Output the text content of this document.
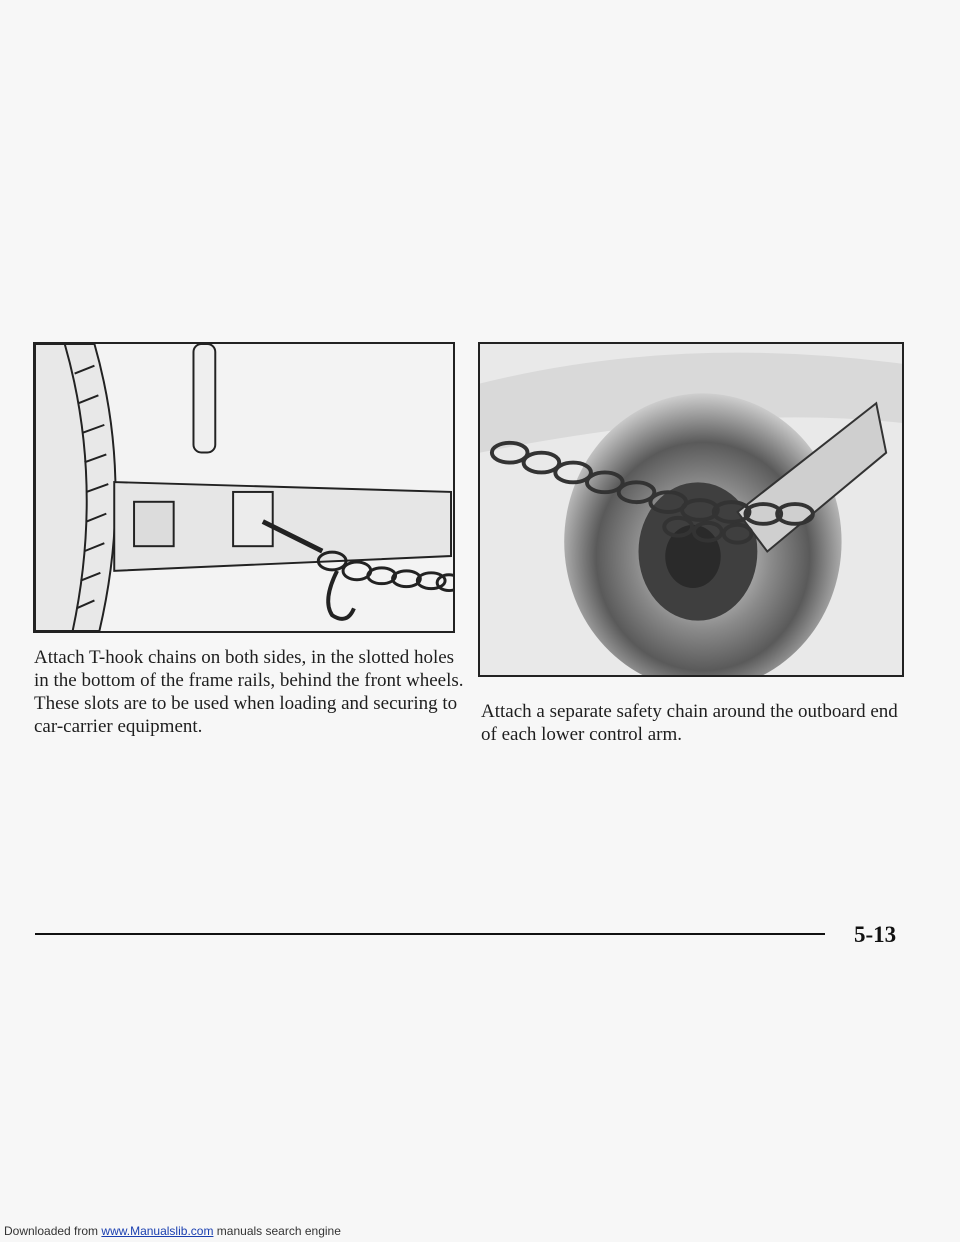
Attach T-hook chains on both sides, in the slotted holes in the bottom of the frame rails, behind the front wheels. These slots are to be used when loading and securing to car-carrier equipment.
Attach a separate safety chain around the outboard end of each lower control arm.
5-13
Downloaded from www.Manualslib.com manuals search engine
